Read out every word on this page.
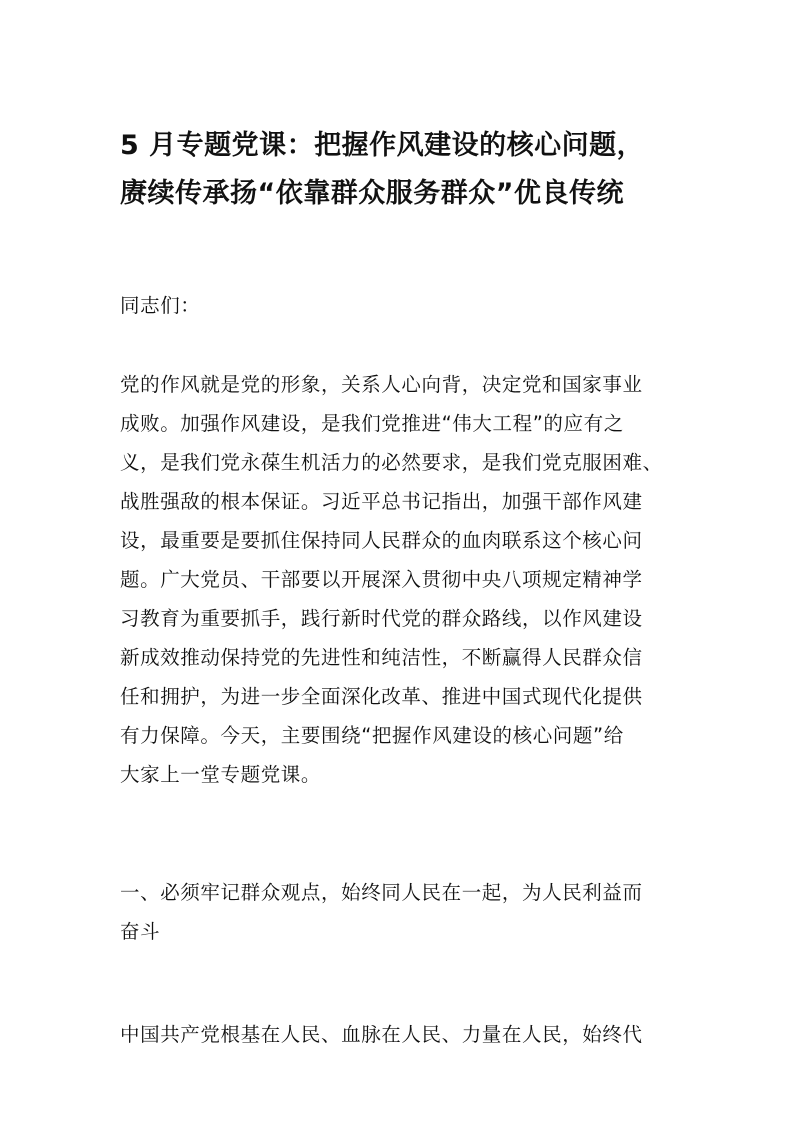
5 月专题党课：把握作风建设的核心问题，
赓续传承扬“依靠群众服务群众”优良传统

同志们：

党的作风就是党的形象，关系人心向背，决定党和国家事业
成败。加强作风建设，是我们党推进“伟大工程”的应有之
义，是我们党永葆生机活力的必然要求，是我们党克服困难、
战胜强敌的根本保证。习近平总书记指出，加强干部作风建
设，最重要是要抓住保持同人民群众的血肉联系这个核心问
题。广大党员、干部要以开展深入贯彻中央八项规定精神学
习教育为重要抓手，践行新时代党的群众路线，以作风建设
新成效推动保持党的先进性和纯洁性，不断赢得人民群众信
任和拥护，为进一步全面深化改革、推进中国式现代化提供
有力保障。今天，主要围绕“把握作风建设的核心问题”给
大家上一堂专题党课。

一、必须牢记群众观点，始终同人民在一起，为人民利益而
奋斗

中国共产党根基在人民、血脉在人民、力量在人民，始终代
